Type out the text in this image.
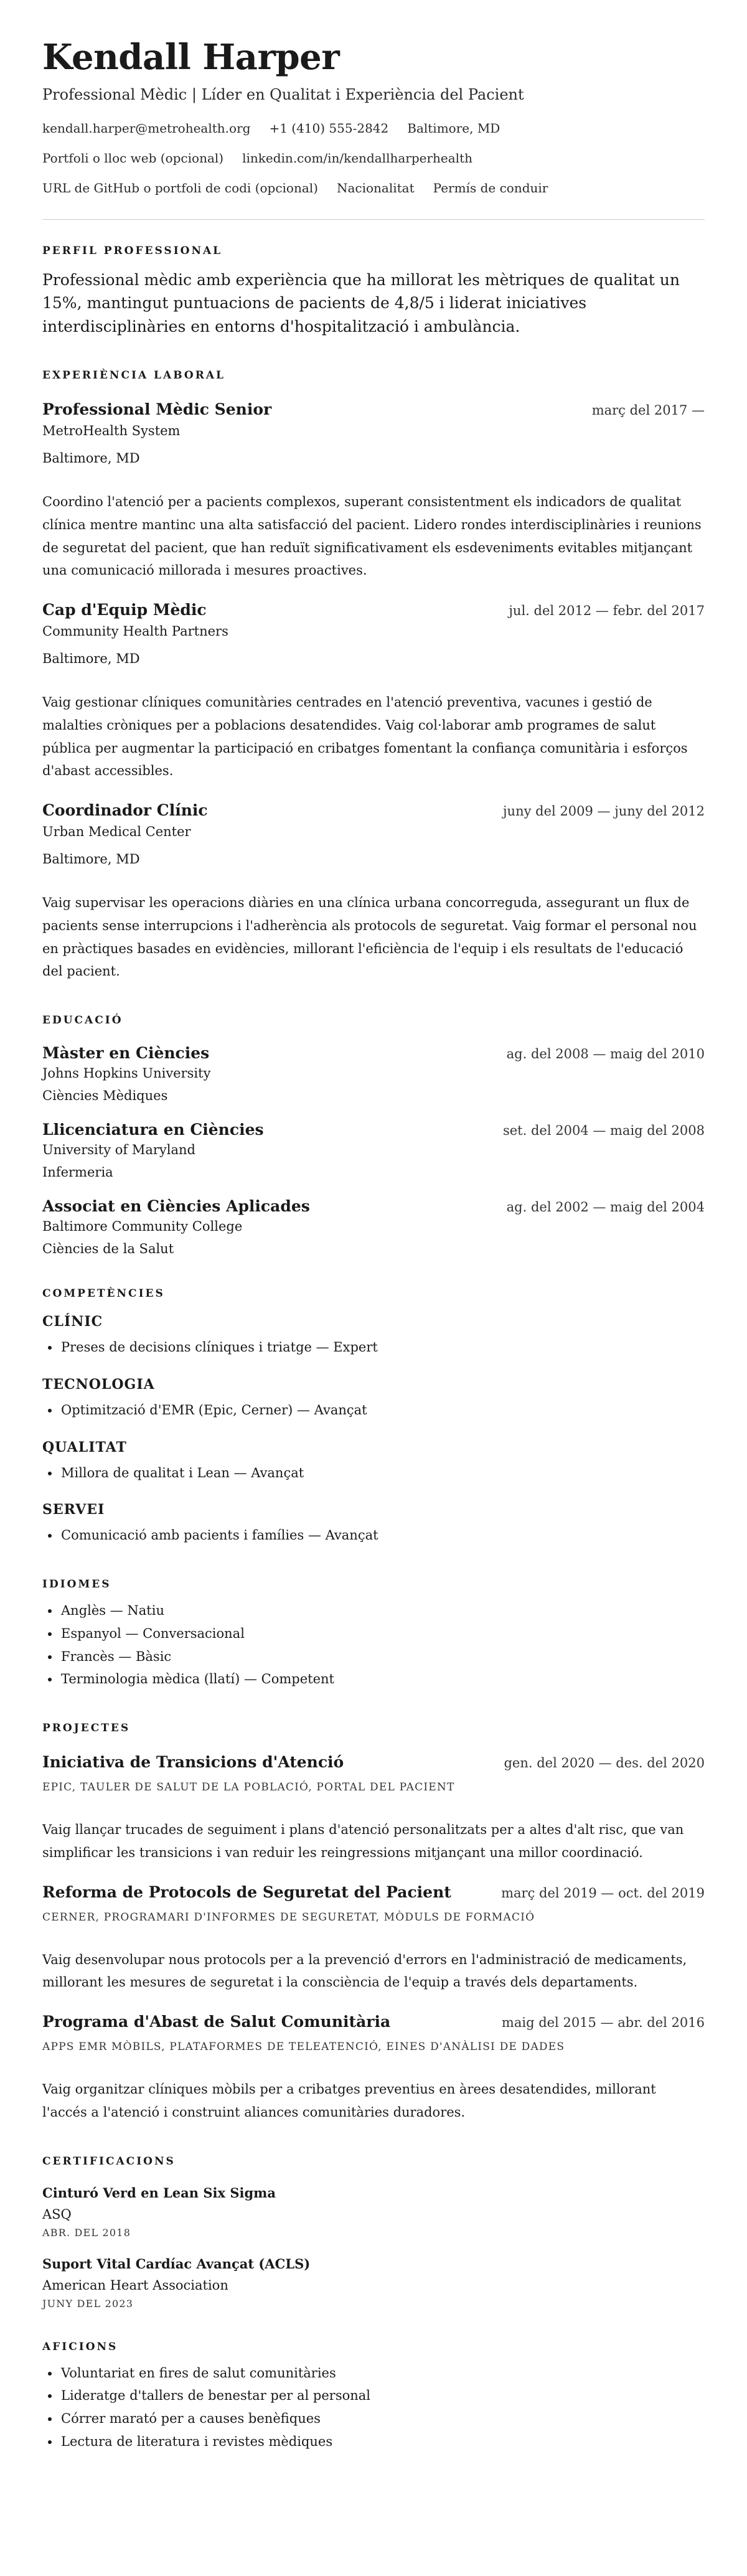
Kendall Harper
Professional Mèdic | Líder en Qualitat i Experiència del Pacient
kendall.harper@metrohealth.org +1 (410) 555-2842 Baltimore, MD
Portfoli o lloc web (opcional) linkedin.com/in/kendallharperhealth
URL de GitHub o portfoli de codi (opcional) Nacionalitat Permís de conduir
PERFIL PROFESSIONAL
Professional mèdic amb experiència que ha millorat les mètriques de qualitat un 15%, mantingut puntuacions de pacients de 4,8/5 i liderat iniciatives interdisciplinàries en entorns d'hospitalització i ambulància.
EXPERIÈNCIA LABORAL
Professional Mèdic Senior	març del 2017 —
MetroHealth System
Baltimore, MD
Coordino l'atenció per a pacients complexos, superant consistentment els indicadors de qualitat clínica mentre mantinc una alta satisfacció del pacient. Lidero rondes interdisciplinàries i reunions de seguretat del pacient, que han reduït significativament els esdeveniments evitables mitjançant una comunicació millorada i mesures proactives.
Cap d'Equip Mèdic	jul. del 2012 — febr. del 2017
Community Health Partners
Baltimore, MD
Vaig gestionar clíniques comunitàries centrades en l'atenció preventiva, vacunes i gestió de malalties cròniques per a poblacions desatendides. Vaig col·laborar amb programes de salut pública per augmentar la participació en cribatges fomentant la confiança comunitària i esforços d'abast accessibles.
Coordinador Clínic	juny del 2009 — juny del 2012
Urban Medical Center
Baltimore, MD
Vaig supervisar les operacions diàries en una clínica urbana concorreguda, assegurant un flux de pacients sense interrupcions i l'adherència als protocols de seguretat. Vaig formar el personal nou en pràctiques basades en evidències, millorant l'eficiència de l'equip i els resultats de l'educació del pacient.
EDUCACIÓ
Màster en Ciències	ag. del 2008 — maig del 2010
Johns Hopkins University
Ciències Mèdiques
Llicenciatura en Ciències	set. del 2004 — maig del 2008
University of Maryland
Infermeria
Associat en Ciències Aplicades	ag. del 2002 — maig del 2004
Baltimore Community College
Ciències de la Salut
COMPETÈNCIES
CLÍNIC
• Preses de decisions clíniques i triatge — Expert
TECNOLOGIA
• Optimització d'EMR (Epic, Cerner) — Avançat
QUALITAT
• Millora de qualitat i Lean — Avançat
SERVEI
• Comunicació amb pacients i famílies — Avançat
IDIOMES
• Anglès — Natiu
• Espanyol — Conversacional
• Francès — Bàsic
• Terminologia mèdica (llatí) — Competent
PROJECTES
Iniciativa de Transicions d'Atenció	gen. del 2020 — des. del 2020
EPIC, TAULER DE SALUT DE LA POBLACIÓ, PORTAL DEL PACIENT
Vaig llançar trucades de seguiment i plans d'atenció personalitzats per a altes d'alt risc, que van simplificar les transicions i van reduir les reingressions mitjançant una millor coordinació.
Reforma de Protocols de Seguretat del Pacient	març del 2019 — oct. del 2019
CERNER, PROGRAMARI D'INFORMES DE SEGURETAT, MÒDULS DE FORMACIÓ
Vaig desenvolupar nous protocols per a la prevenció d'errors en l'administració de medicaments, millorant les mesures de seguretat i la consciència de l'equip a través dels departaments.
Programa d'Abast de Salut Comunitària	maig del 2015 — abr. del 2016
APPS EMR MÒBILS, PLATAFORMES DE TELEATENCIÓ, EINES D'ANÀLISI DE DADES
Vaig organitzar clíniques mòbils per a cribatges preventius en àrees desatendides, millorant l'accés a l'atenció i construint aliances comunitàries duradores.
CERTIFICACIONS
Cinturó Verd en Lean Six Sigma
ASQ
ABR. DEL 2018
Suport Vital Cardíac Avançat (ACLS)
American Heart Association
JUNY DEL 2023
AFICIONS
• Voluntariat en fires de salut comunitàries
• Lideratge d'tallers de benestar per al personal
• Córrer marató per a causes benèfiques
• Lectura de literatura i revistes mèdiques
